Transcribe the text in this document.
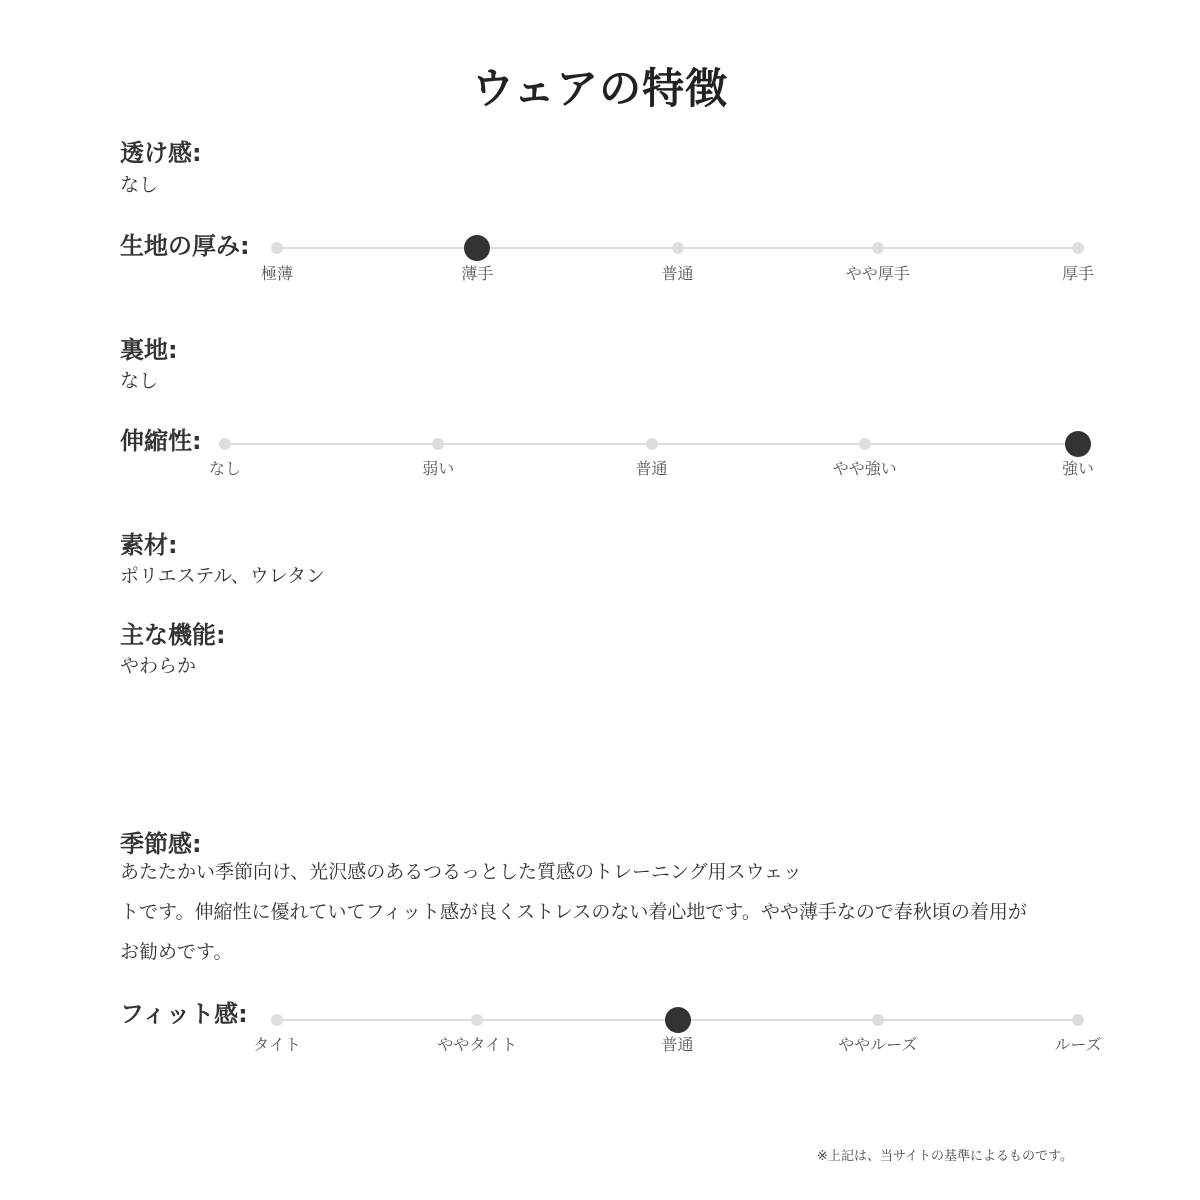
ウェアの特徴
透け感:
なし
生地の厚み:
極薄	薄手	普通	やや厚手	厚手
裏地:
なし
伸縮性:
なし	弱い	普通	やや強い	強い
素材:
ポリエステル、ウレタン
主な機能:
やわらか
季節感:
あたたかい季節向け、光沢感のあるつるっとした質感のトレーニング用スウェッ
トです。伸縮性に優れていてフィット感が良くストレスのない着心地です。やや薄手なので春秋頃の着用が
お勧めです。
フィット感:
タイト	ややタイト	普通	ややルーズ	ルーズ
※上記は、当サイトの基準によるものです。
